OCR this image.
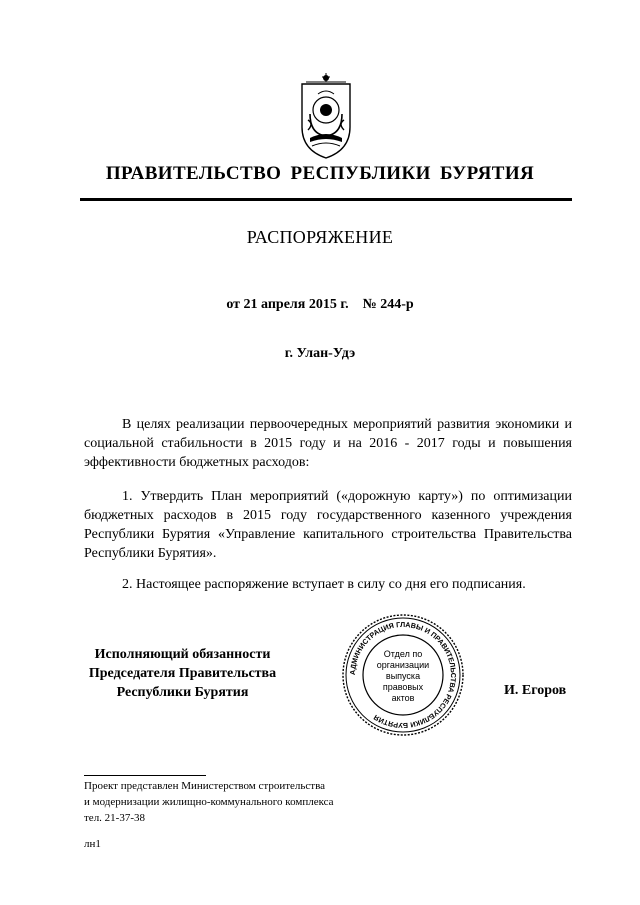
ПРАВИТЕЛЬСТВО РЕСПУБЛИКИ БУРЯТИЯ
РАСПОРЯЖЕНИЕ
от 21 апреля 2015 г. № 244-р
г. Улан-Удэ
В целях реализации первоочередных мероприятий развития экономики и социальной стабильности в 2015 году и на 2016 - 2017 годы и повышения эффективности бюджетных расходов:
1. Утвердить План мероприятий («дорожную карту») по оптимизации бюджетных расходов в 2015 году государственного казенного учреждения Республики Бурятия «Управление капитального строительства Правительства Республики Бурятия».
2. Настоящее распоряжение вступает в силу со дня его подписания.
Исполняющий обязанности
Председателя Правительства
Республики Бурятия
АДМИНИСТРАЦИЯ ГЛАВЫ И ПРАВИТЕЛЬСТВА РЕСПУБЛИКИ БУРЯТИЯ
Отдел по
организации
выпуска
правовых
актов	И. Егоров
Проект представлен Министерством строительства
и модернизации жилищно-коммунального комплекса
тел. 21-37-38
лн1
